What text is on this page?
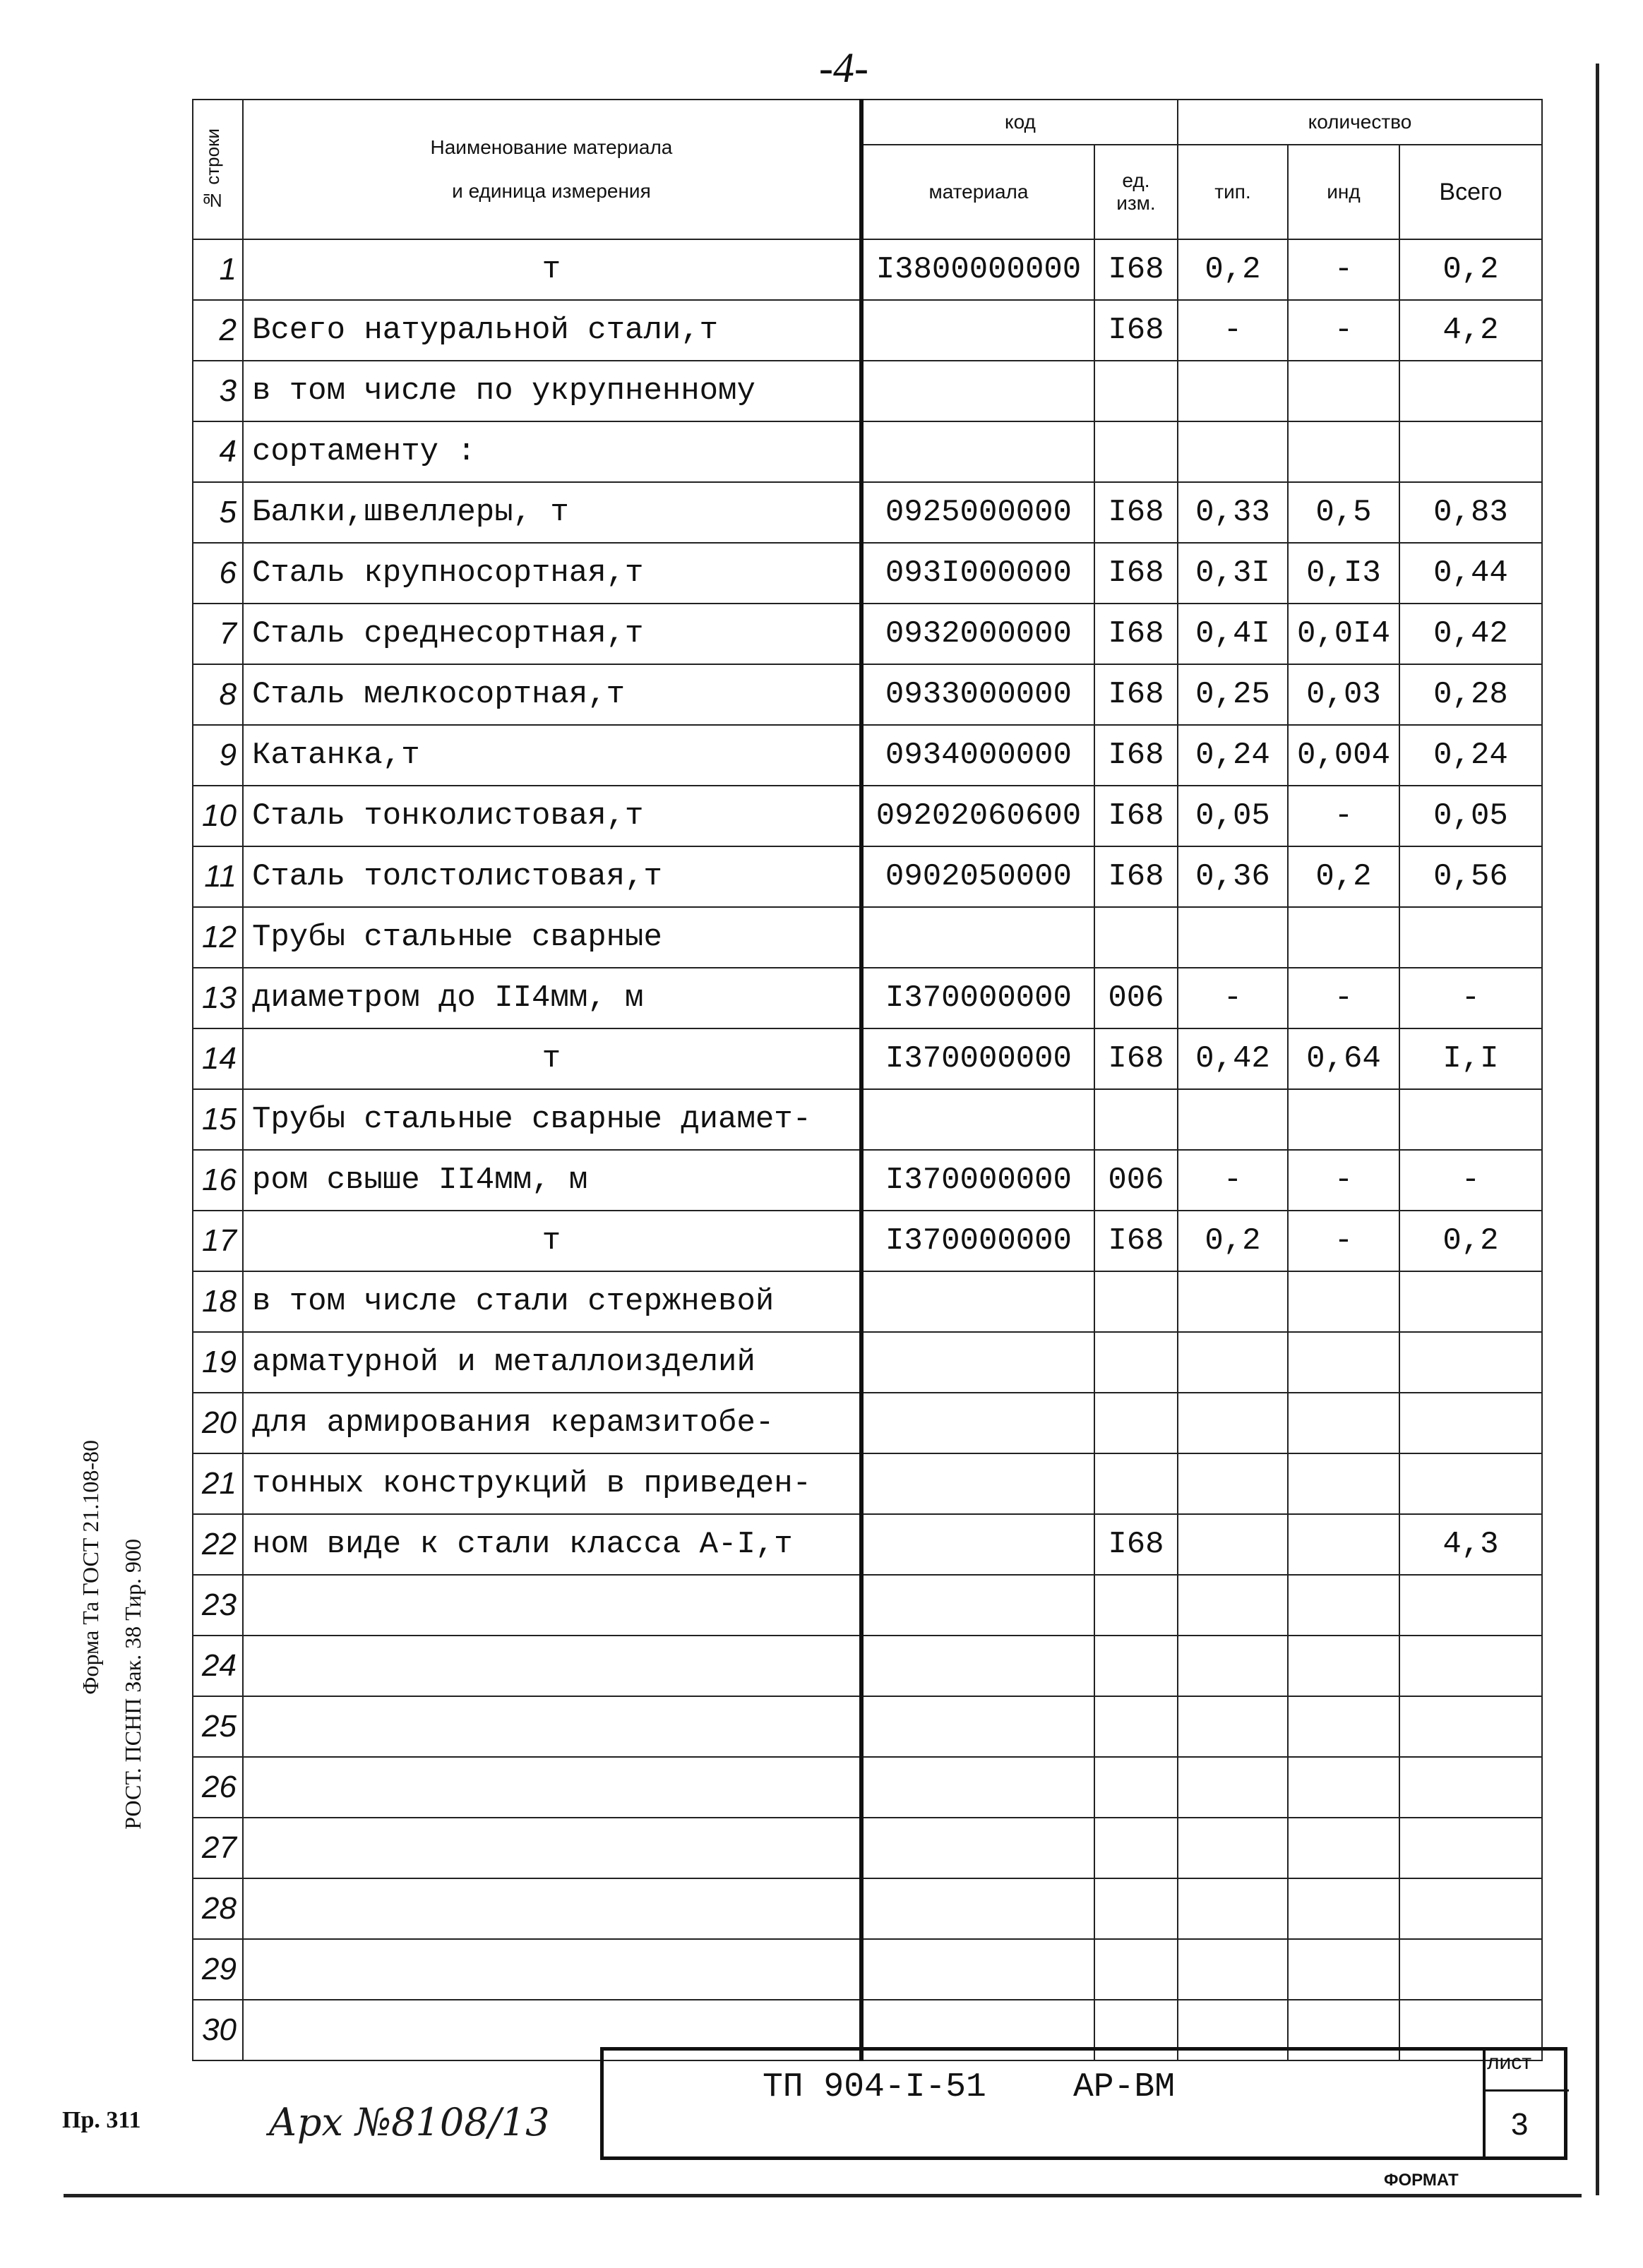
-4-
№ строки	Наименование материала
и единица измерения	код		количество		
		материала	ед. изм.	тип.	инд	Всего
1	т	I3800000000	I68	0,2	-	0,2
2	Всего натуральной стали,т		I68	-	-	4,2
3	в том числе по укрупненному					
4	сортаменту :					
5	Балки,швеллеры, т	0925000000	I68	0,33	0,5	0,83
6	Сталь крупносортная,т	093I000000	I68	0,3I	0,I3	0,44
7	Сталь среднесортная,т	0932000000	I68	0,4I	0,0I4	0,42
8	Сталь мелкосортная,т	0933000000	I68	0,25	0,03	0,28
9	Катанка,т	0934000000	I68	0,24	0,004	0,24
10	Сталь тонколистовая,т	09202060600	I68	0,05	-	0,05
11	Сталь толстолистовая,т	0902050000	I68	0,36	0,2	0,56
12	Трубы стальные сварные					
13	диаметром до II4мм, м	I370000000	006	-	-	-
14	т	I370000000	I68	0,42	0,64	I,I
15	Трубы стальные сварные диамет-					
16	ром свыше II4мм, м	I370000000	006	-	-	-
17	т	I370000000	I68	0,2	-	0,2
18	в том числе стали стержневой					
19	арматурной и металлоизделий					
20	для армирования керамзитобе-					
21	тонных конструкций в приведен-					
22	ном виде к стали класса А-I,т		I68			4,3
23						
24						
25						
26						
27						
28						
29						
30						
ТП 904-I-51	АР-ВМ
лист
3
Арх №8108/13
ФОРМАТ
Форма Та ГОСТ 21.108-80 РОСТ. ПСНП Зак. 38 Тир. 900
Пр. 311
